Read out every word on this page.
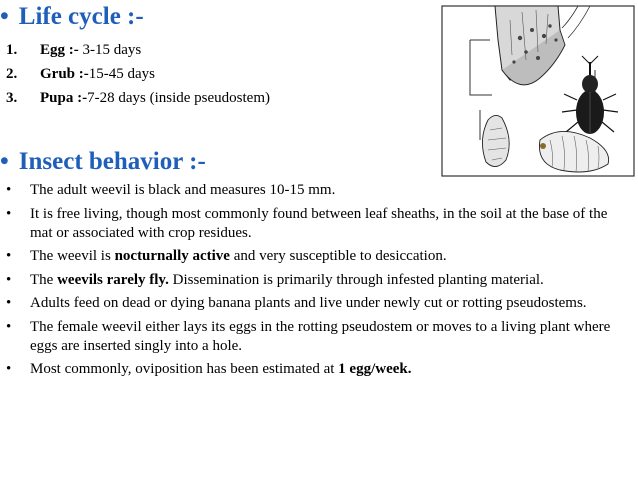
• Life cycle :-
1. Egg :- 3-15 days
2. Grub :-15-45 days
3. Pupa :-7-28 days (inside pseudostem)
• Insect behavior :-
• The adult weevil is black and measures 10-15 mm.
• It is free living, though most commonly found between leaf sheaths, in the soil at the base of the mat or associated with crop residues.
• The weevil is nocturnally active and very susceptible to desiccation.
• The weevils rarely fly. Dissemination is primarily through infested planting material.
• Adults feed on dead or dying banana plants and live under newly cut or rotting pseudostems.
• The female weevil either lays its eggs in the rotting pseudostem or moves to a living plant where eggs are inserted singly into a hole.
• Most commonly, oviposition has been estimated at 1 egg/week.
